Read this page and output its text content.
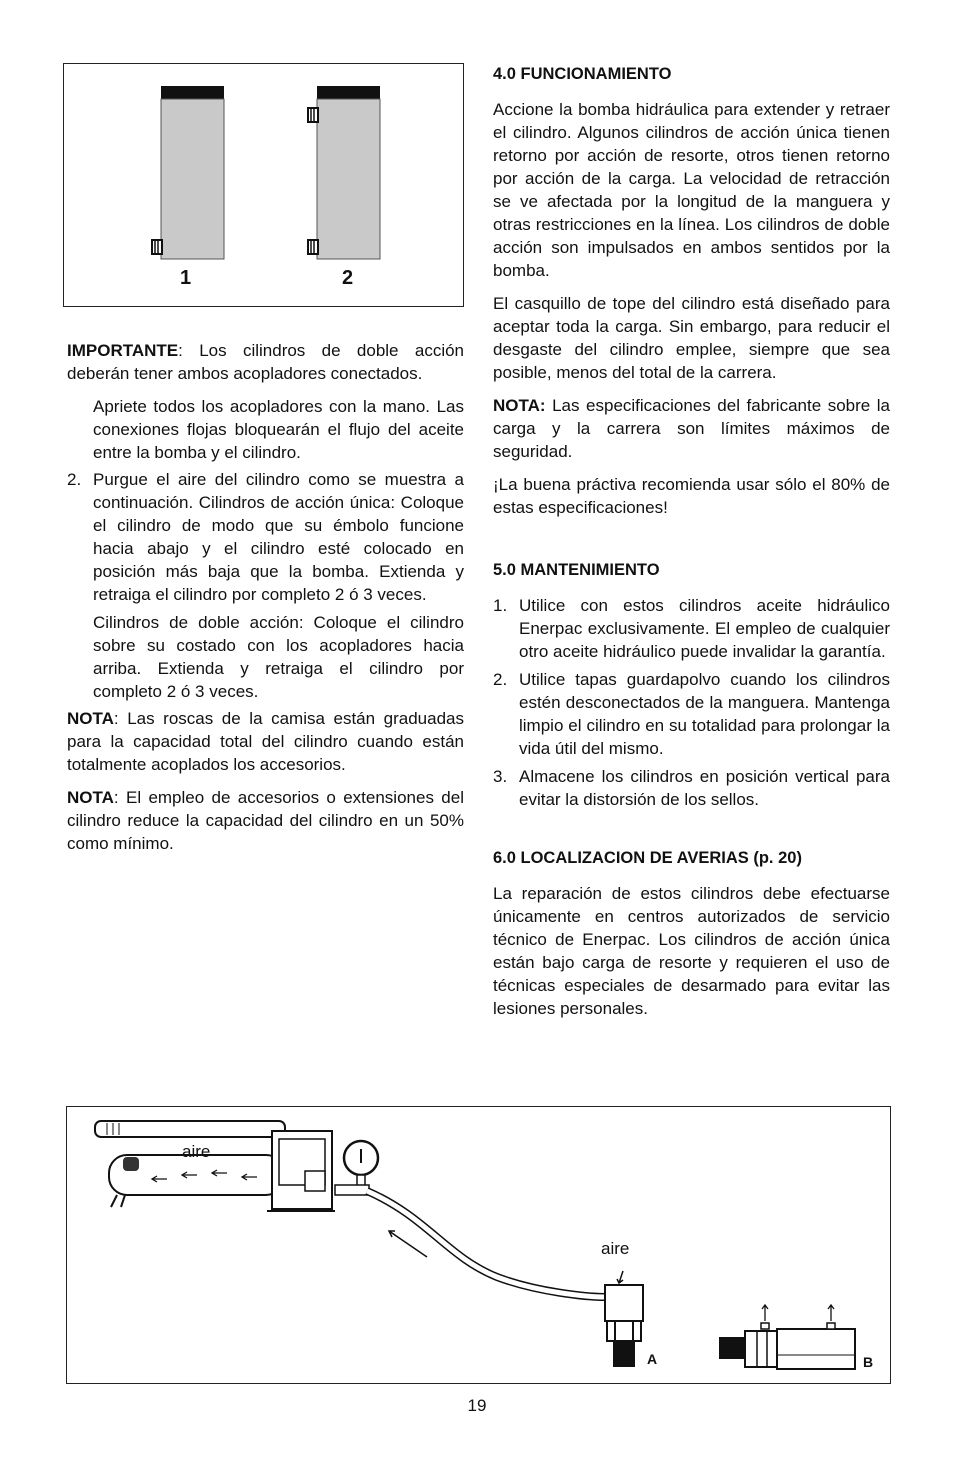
1	2

IMPORTANTE: Los cilindros de doble acción deberán tener ambos acopladores conectados.

Apriete todos los acopladores con la mano. Las conexiones flojas bloquearán el flujo del aceite entre la bomba y el cilindro.

2. Purgue el aire del cilindro como se muestra a continuación. Cilindros de acción única: Coloque el cilindro de modo que su émbolo funcione hacia abajo y el cilindro esté colocado en posición más baja que la bomba. Extienda y retraiga el cilindro por completo 2 ó 3 veces.

Cilindros de doble acción: Coloque el cilindro sobre su costado con los acopladores hacia arriba. Extienda y retraiga el cilindro por completo 2 ó 3 veces.

NOTA: Las roscas de la camisa están graduadas para la capacidad total del cilindro cuando están totalmente acoplados los accesorios.

NOTA: El empleo de accesorios o extensiones del cilindro reduce la capacidad del cilindro en un 50% como mínimo.

4.0 FUNCIONAMIENTO

Accione la bomba hidráulica para extender y retraer el cilindro. Algunos cilindros de acción única tienen retorno por acción de resorte, otros tienen retorno por acción de la carga. La velocidad de retracción se ve afectada por la longitud de la manguera y otras restricciones en la línea. Los cilindros de doble acción son impulsados en ambos sentidos por la bomba.

El casquillo de tope del cilindro está diseñado para aceptar toda la carga. Sin embargo, para reducir el desgaste del cilindro emplee, siempre que sea posible, menos del total de la carrera.

NOTA: Las especificaciones del fabricante sobre la carga y la carrera son límites máximos de seguridad.

¡La buena práctiva recomienda usar sólo el 80% de estas especificaciones!

5.0 MANTENIMIENTO
1. Utilice con estos cilindros aceite hidráulico Enerpac exclusivamente. El empleo de cualquier otro aceite hidráulico puede invalidar la garantía.
2. Utilice tapas guardapolvo cuando los cilindros estén desconectados de la manguera. Mantenga limpio el cilindro en su totalidad para prolongar la vida útil del mismo.
3. Almacene los cilindros en posición vertical para evitar la distorsión de los sellos.
6.0 LOCALIZACION DE AVERIAS (p. 20)

La reparación de estos cilindros debe efectuarse únicamente en centros autorizados de servicio técnico de Enerpac. Los cilindros de acción única están bajo carga de resorte y requieren el uso de técnicas especiales de desarmado para evitar las lesiones personales.

aire
aire
A	B
19
